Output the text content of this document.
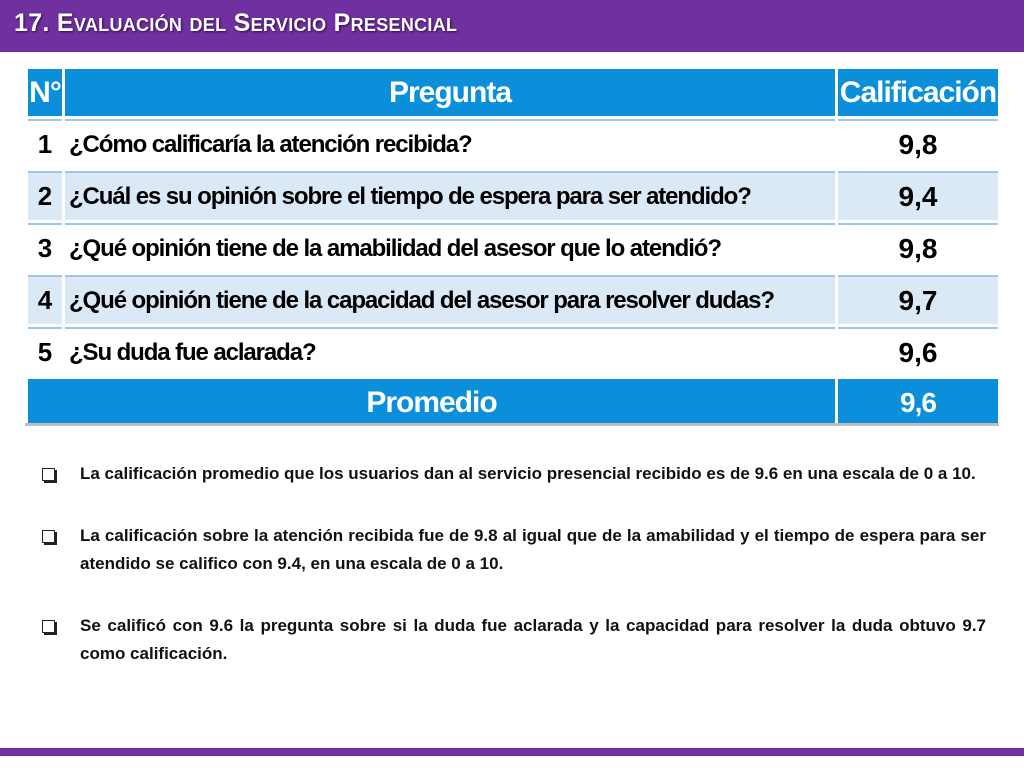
17. Evaluación del Servicio Presencial
N°	Pregunta	Calificación
1	¿Cómo calificaría la atención recibida?	9,8
2	¿Cuál es su opinión sobre el tiempo de espera para ser atendido?	9,4
3	¿Qué opinión tiene de la amabilidad del asesor que lo atendió?	9,8
4	¿Qué opinión tiene de la capacidad del asesor para resolver dudas?	9,7
5	¿Su duda fue aclarada?	9,6
Promedio		9,6
La calificación promedio que los usuarios dan al servicio presencial recibido es de 9.6 en una escala de 0 a 10.
La calificación sobre la atención recibida fue de 9.8 al igual que de la amabilidad y el tiempo de espera para ser atendido se califico con 9.4, en una escala de 0 a 10.
Se calificó con 9.6 la pregunta sobre si la duda fue aclarada y la capacidad para resolver la duda obtuvo 9.7 como calificación.
